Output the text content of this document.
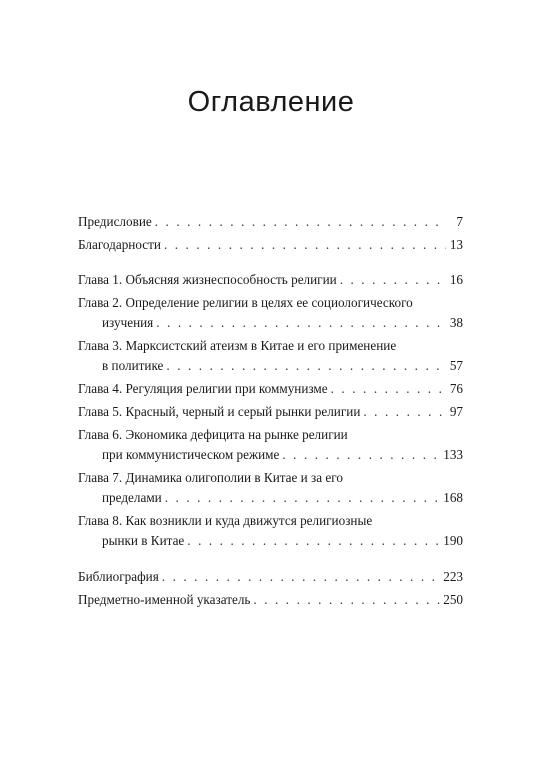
Оглавление
Предисловие . . .	7
Благодарности . . .	13
Глава 1. Объясняя жизнеспособность религии . . .	16
Глава 2. Определение религии в целях ее социологического
изучения . . .	38
Глава 3. Марксистский атеизм в Китае и его применение
в политике . . .	57
Глава 4. Регуляция религии при коммунизме . . .	76
Глава 5. Красный, черный и серый рынки религии . . .	97
Глава 6. Экономика дефицита на рынке религии
при коммунистическом режиме . . .	133
Глава 7. Динамика олигополии в Китае и за его
пределами . . .	168
Глава 8. Как возникли и куда движутся религиозные
рынки в Китае . . .	190
Библиография . . .	223
Предметно-именной указатель . . .	250
